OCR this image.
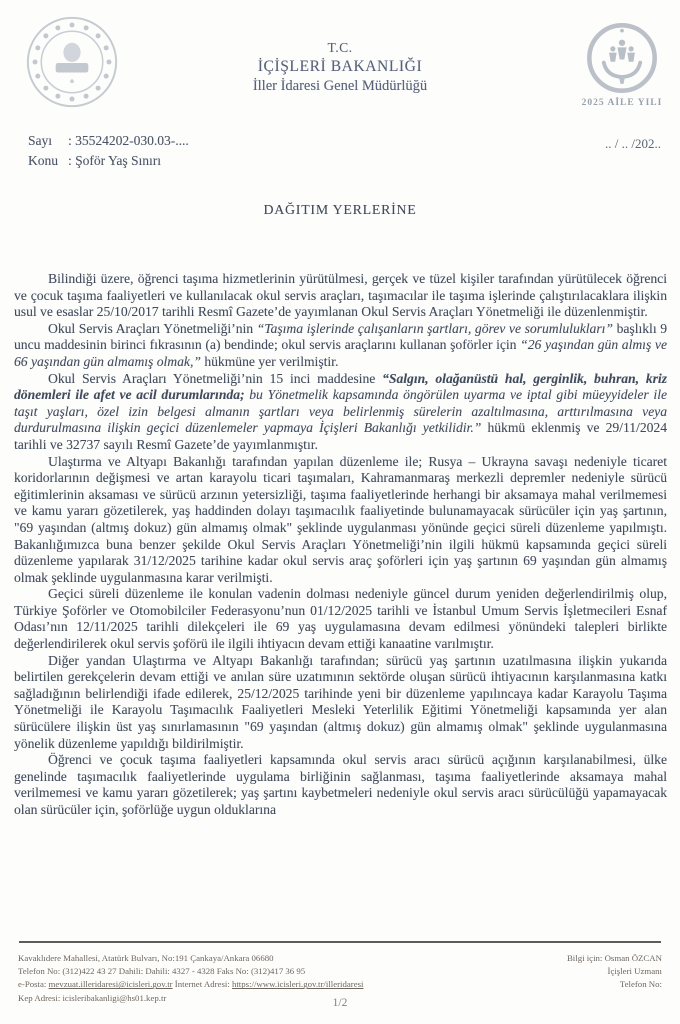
2025 AİLE YILI
T.C.
İÇİŞLERİ BAKANLIĞI
İller İdaresi Genel Müdürlüğü
Sayı	: 35524202-030.03-....
Konu : Şoför Yaş Sınırı
.. / .. /202..
DAĞITIM YERLERİNE

Bilindiği üzere, öğrenci taşıma hizmetlerinin yürütülmesi, gerçek ve tüzel kişiler tarafından yürütülecek öğrenci ve çocuk taşıma faaliyetleri ve kullanılacak okul servis araçları, taşımacılar ile taşıma işlerinde çalıştırılacaklara ilişkin usul ve esaslar 25/10/2017 tarihli Resmî Gazete’de yayımlanan Okul Servis Araçları Yönetmeliği ile düzenlenmiştir.

Okul Servis Araçları Yönetmeliği’nin “Taşıma işlerinde çalışanların şartları, görev ve sorumlulukları” başlıklı 9 uncu maddesinin birinci fıkrasının (a) bendinde; okul servis araçlarını kullanan şoförler için “26 yaşından gün almış ve 66 yaşından gün almamış olmak,” hükmüne yer verilmiştir.

Okul Servis Araçları Yönetmeliği’nin 15 inci maddesine “Salgın, olağanüstü hal, gerginlik, buhran, kriz dönemleri ile afet ve acil durumlarında; bu Yönetmelik kapsamında öngörülen uyarma ve iptal gibi müeyyideler ile taşıt yaşları, özel izin belgesi almanın şartları veya belirlenmiş sürelerin azaltılmasına, arttırılmasına veya durdurulmasına ilişkin geçici düzenlemeler yapmaya İçişleri Bakanlığı yetkilidir.” hükmü eklenmiş ve 29/11/2024 tarihli ve 32737 sayılı Resmî Gazete’de yayımlanmıştır.

Ulaştırma ve Altyapı Bakanlığı tarafından yapılan düzenleme ile; Rusya – Ukrayna savaşı nedeniyle ticaret koridorlarının değişmesi ve artan karayolu ticari taşımaları, Kahramanmaraş merkezli depremler nedeniyle sürücü eğitimlerinin aksaması ve sürücü arzının yetersizliği, taşıma faaliyetlerinde herhangi bir aksamaya mahal verilmemesi ve kamu yararı gözetilerek, yaş haddinden dolayı taşımacılık faaliyetinde bulunamayacak sürücüler için yaş şartının, "69 yaşından (altmış dokuz) gün almamış olmak" şeklinde uygulanması yönünde geçici süreli düzenleme yapılmıştı. Bakanlığımızca buna benzer şekilde Okul Servis Araçları Yönetmeliği’nin ilgili hükmü kapsamında geçici süreli düzenleme yapılarak 31/12/2025 tarihine kadar okul servis araç şoförleri için yaş şartının 69 yaşından gün almamış olmak şeklinde uygulanmasına karar verilmişti.

Geçici süreli düzenleme ile konulan vadenin dolması nedeniyle güncel durum yeniden değerlendirilmiş olup, Türkiye Şoförler ve Otomobilciler Federasyonu’nun 01/12/2025 tarihli ve İstanbul Umum Servis İşletmecileri Esnaf Odası’nın 12/11/2025 tarihli dilekçeleri ile 69 yaş uygulamasına devam edilmesi yönündeki talepleri birlikte değerlendirilerek okul servis şoförü ile ilgili ihtiyacın devam ettiği kanaatine varılmıştır.

Diğer yandan Ulaştırma ve Altyapı Bakanlığı tarafından; sürücü yaş şartının uzatılmasına ilişkin yukarıda belirtilen gerekçelerin devam ettiği ve anılan süre uzatımının sektörde oluşan sürücü ihtiyacının karşılanmasına katkı sağladığının belirlendiği ifade edilerek, 25/12/2025 tarihinde yeni bir düzenleme yapılıncaya kadar Karayolu Taşıma Yönetmeliği ile Karayolu Taşımacılık Faaliyetleri Mesleki Yeterlilik Eğitimi Yönetmeliği kapsamında yer alan sürücülere ilişkin üst yaş sınırlamasının "69 yaşından (altmış dokuz) gün almamış olmak" şeklinde uygulanmasına yönelik düzenleme yapıldığı bildirilmiştir.

Öğrenci ve çocuk taşıma faaliyetleri kapsamında okul servis aracı sürücü açığının karşılanabilmesi, ülke genelinde taşımacılık faaliyetlerinde uygulama birliğinin sağlanması, taşıma faaliyetlerinde aksamaya mahal verilmemesi ve kamu yararı gözetilerek; yaş şartını kaybetmeleri nedeniyle okul servis aracı sürücülüğü yapamayacak olan sürücüler için, şoförlüğe uygun olduklarına

Kavaklıdere Mahallesi, Atatürk Bulvarı, No:191 Çankaya/Ankara 06680
Telefon No: (312)422 43 27 Dahili: Dahili: 4327 - 4328 Faks No: (312)417 36 95
e-Posta: mevzuat.illeridaresi@icisleri.gov.tr İnternet Adresi: https://www.icisleri.gov.tr/illeridaresi
Kep Adresi: icisleribakanligi@hs01.kep.tr
Bilgi için: Osman ÖZCAN
İçişleri Uzmanı
Telefon No:
1/2
